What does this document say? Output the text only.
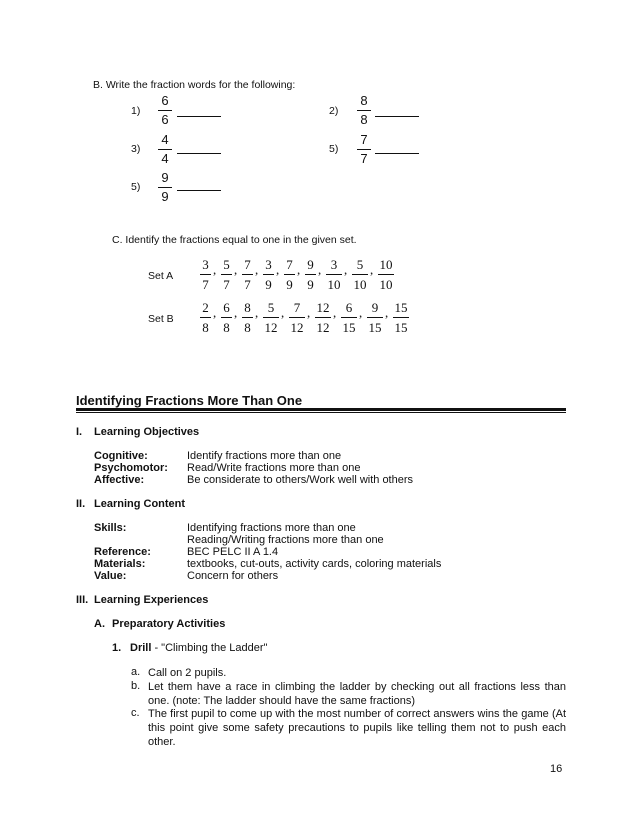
B. Write the fraction words for the following:
1)
6
6
2)
8
8
3)
4
4
5)
7
7
5)
9
9
C. Identify the fractions equal to one in the given set.
Set A
3
7
, 5
7
, 7
7
, 3
9
, 7
9
, 9
9
, 3
10
, 5
10
, 10
10
Set B
2
8
, 6
8
, 8
8
, 5
12
, 7
12
, 12
12
, 6
15
, 9
15
, 15
15
Identifying Fractions More Than One
I. Learning Objectives
Cognitive:	Identify fractions more than one
Psychomotor: Read/Write fractions more than one
Affective:	Be considerate to others/Work well with others
II. Learning Content
Skills:	Identifying fractions more than one
Reading/Writing fractions more than one
Reference:	BEC PELC II A 1.4
Materials:	textbooks, cut-outs, activity cards, coloring materials
Value:	Concern for others
III. Learning Experiences
A. Preparatory Activities
1. Drill - "Climbing the Ladder"
a. Call on 2 pupils.
b. Let them have a race in climbing the ladder by checking out all fractions less than one. (note: The ladder should have the same fractions)
c. The first pupil to come up with the most number of correct answers wins the game (At this point give some safety precautions to pupils like telling them not to push each other.
16
